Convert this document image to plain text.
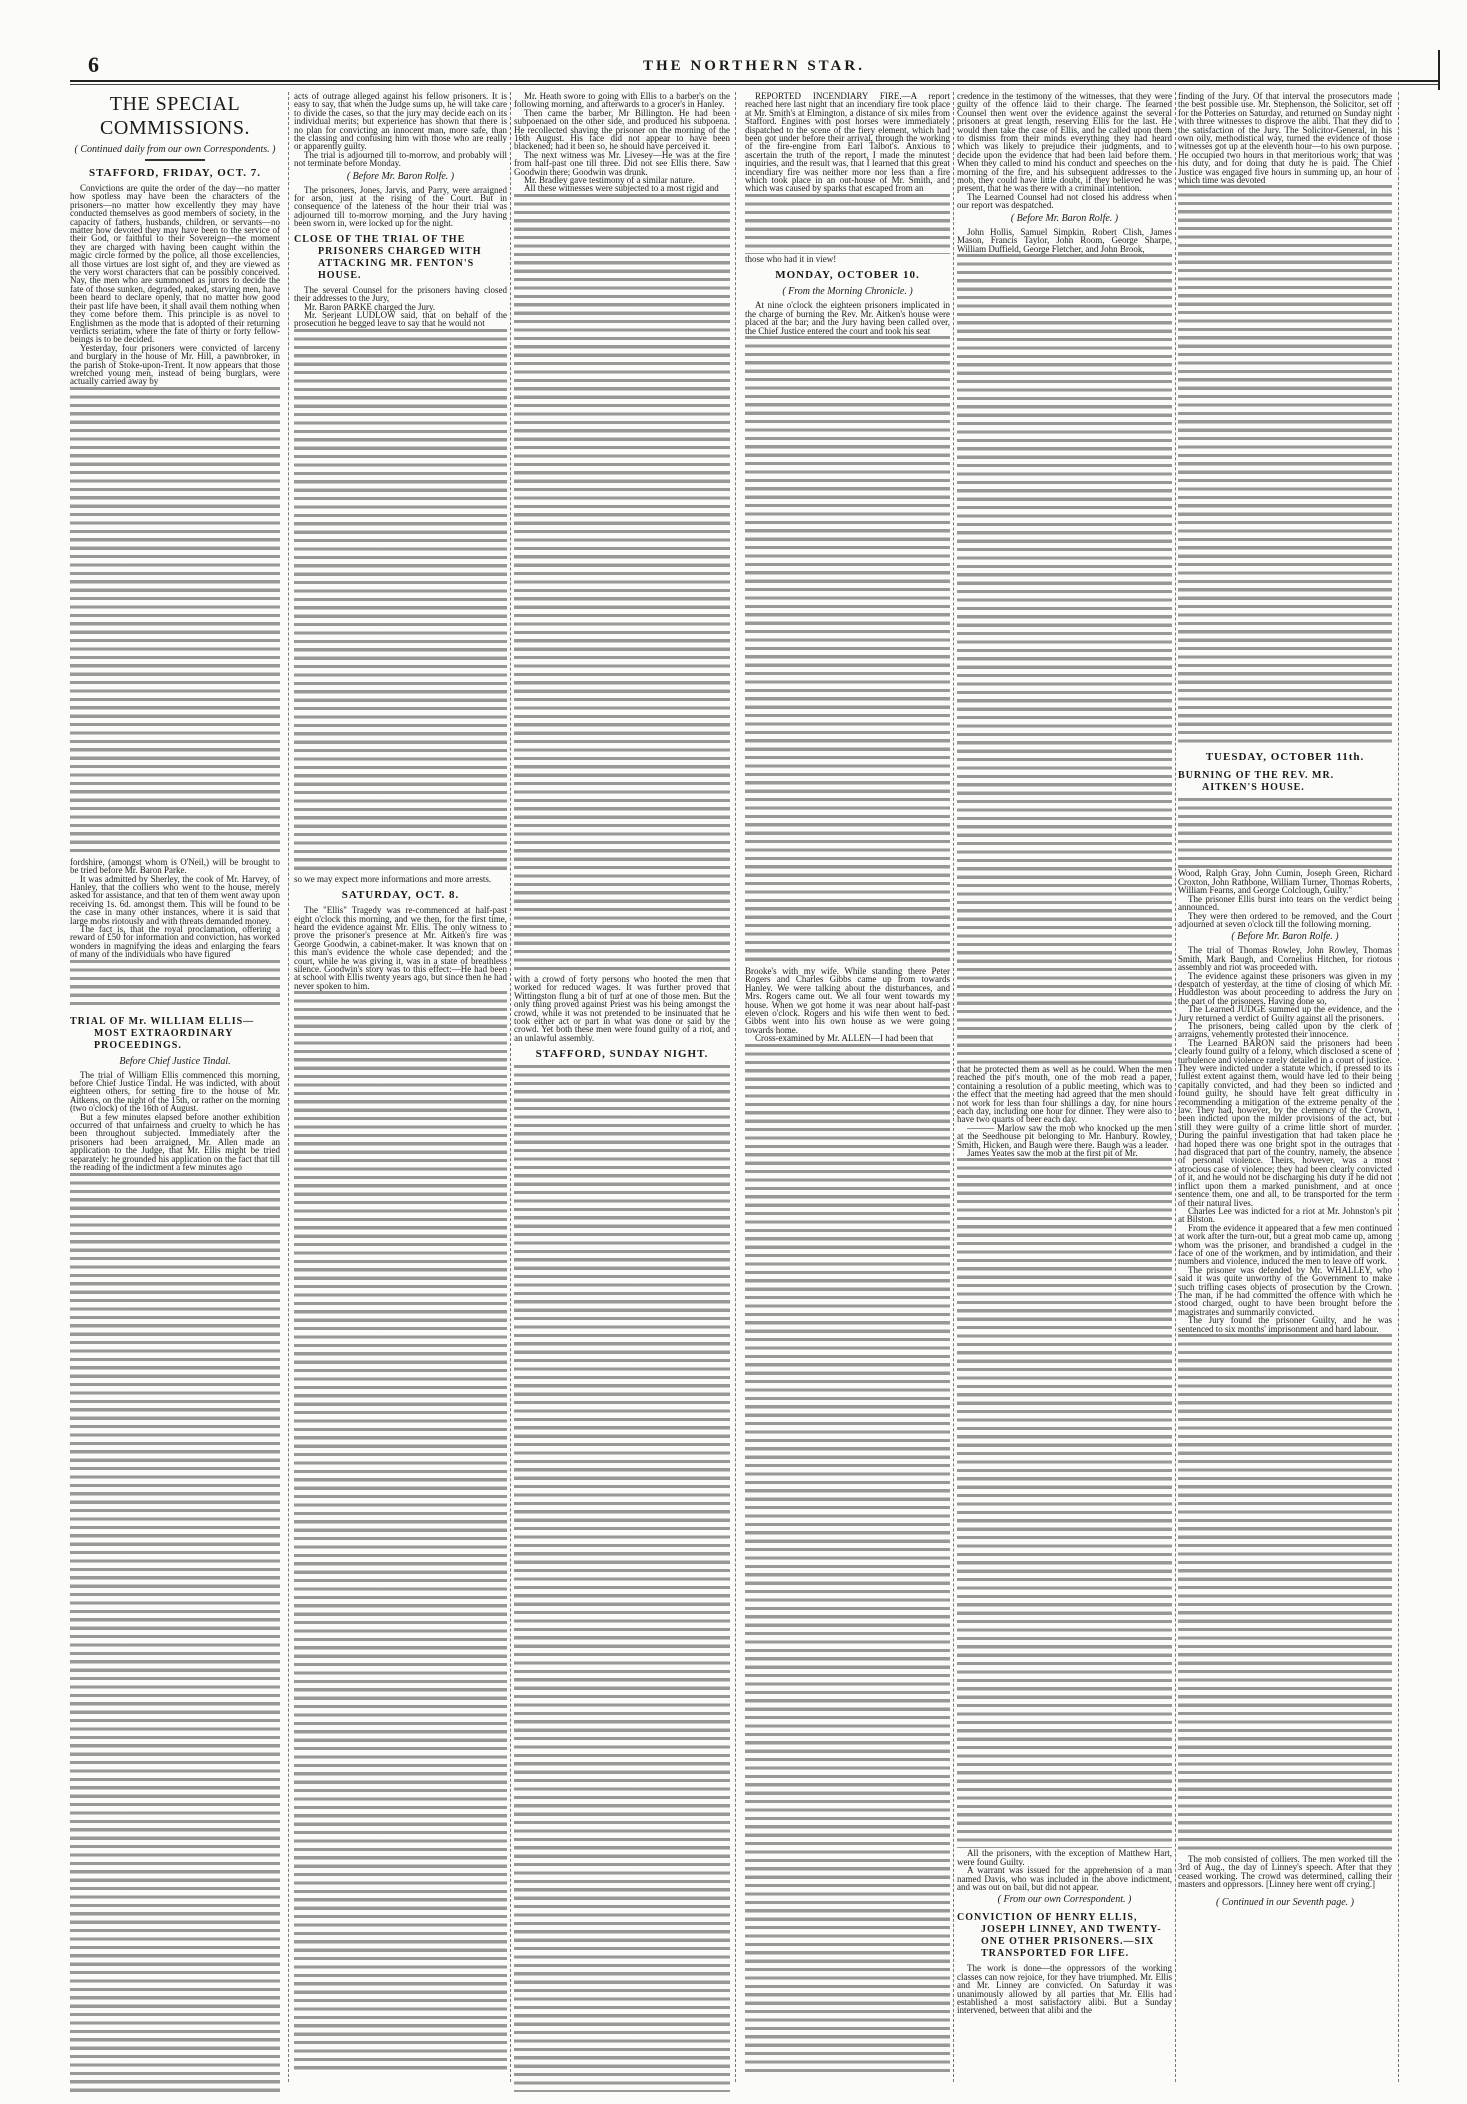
6	THE NORTHERN STAR.
THE SPECIAL COMMISSIONS.
( Continued daily from our own Correspondents. )
STAFFORD, FRIDAY, OCT. 7.

Convictions are quite the order of the day—no matter how spotless may have been the characters of the prisoners—no matter how excellently they may have conducted themselves as good members of society, in the capacity of fathers, husbands, children, or servants—no matter how devoted they may have been to the service of their God, or faithful to their Sovereign—the moment they are charged with having been caught within the magic circle formed by the police, all those excellencies, all those virtues are lost sight of, and they are viewed as the very worst characters that can be possibly conceived. Nay, the men who are summoned as jurors to decide the fate of those sunken, degraded, naked, starving men, have been heard to declare openly, that no matter how good their past life have been, it shall avail them nothing when they come before them. This principle is as novel to Englishmen as the mode that is adopted of their returning verdicts seriatim, where the fate of thirty or forty fellow-beings is to be decided.

Yesterday, four prisoners were convicted of larceny and burglary in the house of Mr. Hill, a pawnbroker, in the parish of Stoke-upon-Trent. It now appears that those wretched young men, instead of being burglars, were actually carried away by

fordshire, (amongst whom is O'Neil,) will be brought to be tried before Mr. Baron Parke.

It was admitted by Sherley, the cook of Mr. Harvey, of Hanley, that the colliers who went to the house, merely asked for assistance, and that ten of them went away upon receiving 1s. 6d. amongst them. This will be found to be the case in many other instances, where it is said that large mobs riotously and with threats demanded money.

The fact is, that the royal proclamation, offering a reward of £50 for information and conviction, has worked wonders in magnifying the ideas and enlarging the fears of many of the individuals who have figured

TRIAL OF Mr. WILLIAM ELLIS—MOST EXTRAORDINARY PROCEEDINGS.
Before Chief Justice Tindal.

The trial of William Ellis commenced this morning, before Chief Justice Tindal. He was indicted, with about eighteen others, for setting fire to the house of Mr. Aitkens, on the night of the 15th, or rather on the morning (two o'clock) of the 16th of August.

But a few minutes elapsed before another exhibition occurred of that unfairness and cruelty to which he has been throughout subjected. Immediately after the prisoners had been arraigned, Mr. Allen made an application to the Judge, that Mr. Ellis might be tried separately: he grounded his application on the fact that till the reading of the indictment a few minutes ago

acts of outrage alleged against his fellow prisoners. It is easy to say, that when the Judge sums up, he will take care to divide the cases, so that the jury may decide each on its individual merits; but experience has shown that there is no plan for convicting an innocent man, more safe, than the classing and confusing him with those who are really or apparently guilty.

The trial is adjourned till to-morrow, and probably will not terminate before Monday.

( Before Mr. Baron Rolfe. )

The prisoners, Jones, Jarvis, and Parry, were arraigned for arson, just at the rising of the Court. But in consequence of the lateness of the hour their trial was adjourned till to-morrow morning, and the Jury having been sworn in, were locked up for the night.

CLOSE OF THE TRIAL OF THE PRISONERS CHARGED WITH ATTACKING MR. FENTON'S HOUSE.

The several Counsel for the prisoners having closed their addresses to the Jury,

Mr. Baron PARKE charged the Jury.

Mr. Serjeant LUDLOW said, that on behalf of the prosecution he begged leave to say that he would not

so we may expect more informations and more arrests.

SATURDAY, OCT. 8.

The "Ellis" Tragedy was re-commenced at half-past eight o'clock this morning, and we then, for the first time, heard the evidence against Mr. Ellis. The only witness to prove the prisoner's presence at Mr. Aitken's fire was George Goodwin, a cabinet-maker. It was known that on this man's evidence the whole case depended; and the court, while he was giving it, was in a state of breathless silence. Goodwin's story was to this effect:—He had been at school with Ellis twenty years ago, but since then he had never spoken to him.

Mr. Heath swore to going with Ellis to a barber's on the following morning, and afterwards to a grocer's in Hanley.

Then came the barber, Mr Billington. He had been subpoenaed on the other side, and produced his subpoena. He recollected shaving the prisoner on the morning of the 16th August. His face did not appear to have been blackened; had it been so, he should have perceived it.

The next witness was Mr. Livesey—He was at the fire from half-past one till three. Did not see Ellis there. Saw Goodwin there; Goodwin was drunk.

Mr. Bradley gave testimony of a similar nature.

All these witnesses were subjected to a most rigid and

with a crowd of forty persons who hooted the men that worked for reduced wages. It was further proved that Wittingston flung a bit of turf at one of those men. But the only thing proved against Priest was his being amongst the crowd, while it was not pretended to be insinuated that he took either act or part in what was done or said by the crowd. Yet both these men were found guilty of a riot, and an unlawful assembly.

STAFFORD, SUNDAY NIGHT.

REPORTED INCENDIARY FIRE.—A report reached here last night that an incendiary fire took place at Mr. Smith's at Elmington, a distance of six miles from Stafford. Engines with post horses were immediately dispatched to the scene of the fiery element, which had been got under before their arrival, through the working of the fire-engine from Earl Talbot's. Anxious to ascertain the truth of the report, I made the minutest inquiries, and the result was, that I learned that this great incendiary fire was neither more nor less than a fire which took place in an out-house of Mr. Smith, and which was caused by sparks that escaped from an

those who had it in view!

MONDAY, OCTOBER 10.
( From the Morning Chronicle. )

At nine o'clock the eighteen prisoners implicated in the charge of burning the Rev. Mr. Aitken's house were placed at the bar; and the Jury having been called over, the Chief Justice entered the court and took his seat

Brooke's with my wife. While standing there Peter Rogers and Charles Gibbs came up from towards Hanley. We were talking about the disturbances, and Mrs. Rogers came out. We all four went towards my house. When we got home it was near about half-past eleven o'clock. Rogers and his wife then went to bed. Gibbs went into his own house as we were going towards home.

Cross-examined by Mr. ALLEN—I had been that

credence in the testimony of the witnesses, that they were guilty of the offence laid to their charge. The learned Counsel then went over the evidence against the several prisoners at great length, reserving Ellis for the last. He would then take the case of Ellis, and he called upon them to dismiss from their minds everything they had heard which was likely to prejudice their judgments, and to decide upon the evidence that had been laid before them. When they called to mind his conduct and speeches on the morning of the fire, and his subsequent addresses to the mob, they could have little doubt, if they believed he was present, that he was there with a criminal intention.

The Learned Counsel had not closed his address when our report was despatched.

( Before Mr. Baron Rolfe. )

John Hollis, Samuel Simpkin, Robert Clish, James Mason, Francis Taylor, John Room, George Sharpe, William Duffield, George Fletcher, and John Brook,

that he protected them as well as he could. When the men reached the pit's mouth, one of the mob read a paper, containing a resolution of a public meeting, which was to the effect that the meeting had agreed that the men should not work for less than four shillings a day, for nine hours each day, including one hour for dinner. They were also to have two quarts of beer each day.

——— Marlow saw the mob who knocked up the men at the Seedhouse pit belonging to Mr. Hanbury. Rowley, Smith, Hicken, and Baugh were there. Baugh was a leader.

James Yeates saw the mob at the first pit of Mr.

All the prisoners, with the exception of Matthew Hart, were found Guilty.

A warrant was issued for the apprehension of a man named Davis, who was included in the above indictment, and was out on bail, but did not appear.

( From our own Correspondent. )
CONVICTION OF HENRY ELLIS, JOSEPH LINNEY, AND TWENTY-ONE OTHER PRISONERS.—SIX TRANSPORTED FOR LIFE.

The work is done—the oppressors of the working classes can now rejoice, for they have triumphed. Mr. Ellis and Mr. Linney are convicted. On Saturday it was unanimously allowed by all parties that Mr. Ellis had established a most satisfactory alibi. But a Sunday intervened, between that alibi and the

finding of the Jury. Of that interval the prosecutors made the best possible use. Mr. Stephenson, the Solicitor, set off for the Potteries on Saturday, and returned on Sunday night with three witnesses to disprove the alibi. That they did to the satisfaction of the Jury. The Solicitor-General, in his own oily, methodistical way, turned the evidence of those witnesses got up at the eleventh hour—to his own purpose. He occupied two hours in that meritorious work; that was his duty, and for doing that duty he is paid. The Chief Justice was engaged five hours in summing up, an hour of which time was devoted

TUESDAY, OCTOBER 11th.
BURNING OF THE REV. MR. AITKEN'S HOUSE.

Wood, Ralph Gray, John Cumin, Joseph Green, Richard Croxton, John Rathbone, William Turner, Thomas Roberts, William Fearns, and George Colclough, Guilty."

The prisoner Ellis burst into tears on the verdict being announced.

They were then ordered to be removed, and the Court adjourned at seven o'clock till the following morning.

( Before Mr. Baron Rolfe. )

The trial of Thomas Rowley, John Rowley, Thomas Smith, Mark Baugh, and Cornelius Hitchen, for riotous assembly and riot was proceeded with.

The evidence against these prisoners was given in my despatch of yesterday, at the time of closing of which Mr. Huddleston was about proceeding to address the Jury on the part of the prisoners. Having done so,

The Learned JUDGE summed up the evidence, and the Jury returned a verdict of Guilty against all the prisoners.

The prisoners, being called upon by the clerk of arraigns, vehemently protested their innocence.

The Learned BARON said the prisoners had been clearly found guilty of a felony, which disclosed a scene of turbulence and violence rarely detailed in a court of justice. They were indicted under a statute which, if pressed to its fullest extent against them, would have led to their being capitally convicted, and had they been so indicted and found guilty, he should have felt great difficulty in recommending a mitigation of the extreme penalty of the law. They had, however, by the clemency of the Crown, been indicted upon the milder provisions of the act, but still they were guilty of a crime little short of murder. During the painful investigation that had taken place he had hoped there was one bright spot in the outrages that had disgraced that part of the country, namely, the absence of personal violence. Theirs, however, was a most atrocious case of violence; they had been clearly convicted of it, and he would not be discharging his duty if he did not inflict upon them a marked punishment, and at once sentence them, one and all, to be transported for the term of their natural lives.

Charles Lee was indicted for a riot at Mr. Johnston's pit at Bilston.

From the evidence it appeared that a few men continued at work after the turn-out, but a great mob came up, among whom was the prisoner, and brandished a cudgel in the face of one of the workmen, and by intimidation, and their numbers and violence, induced the men to leave off work.

The prisoner was defended by Mr. WHALLEY, who said it was quite unworthy of the Government to make such trifling cases objects of prosecution by the Crown. The man, if he had committed the offence with which he stood charged, ought to have been brought before the magistrates and summarily convicted.

The Jury found the prisoner Guilty, and he was sentenced to six months' imprisonment and hard labour.

The mob consisted of colliers. The men worked till the 3rd of Aug., the day of Linney's speech. After that they ceased working. The crowd was determined, calling their masters and oppressors. [Linney here went off crying.]

( Continued in our Seventh page. )
